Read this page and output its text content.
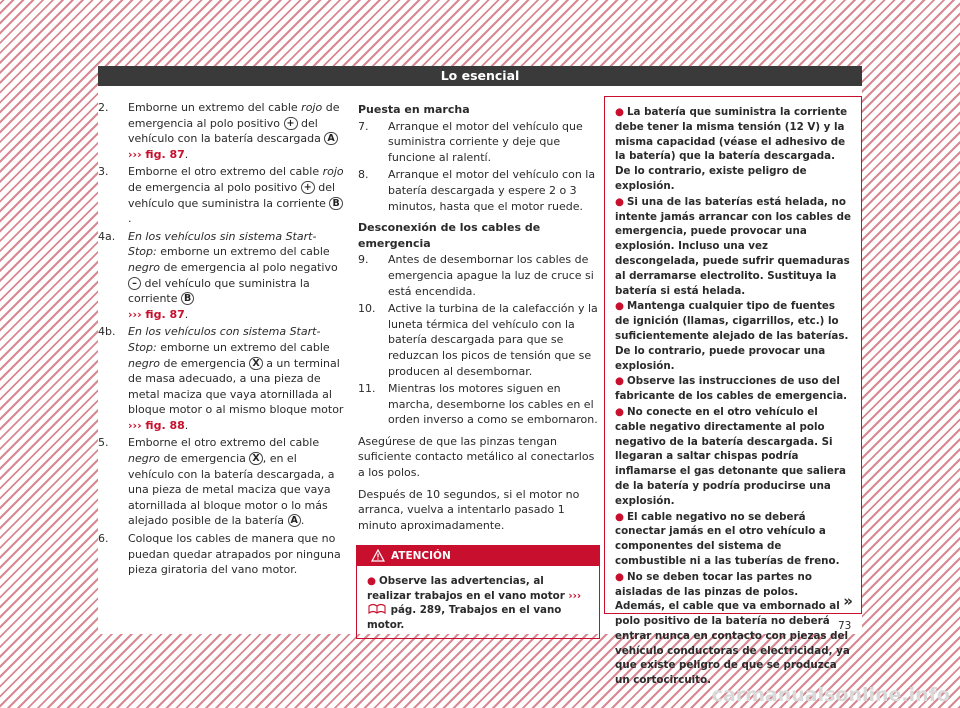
Lo esencial
2.	Emborne un extremo del cable rojo de emergencia al polo positivo + del vehículo con la batería descargada A
››› fig. 87.
3.	Emborne el otro extremo del cable rojo de emergencia al polo positivo + del vehículo que suministra la corriente B.
4a.	En los vehículos sin sistema Start-Stop: emborne un extremo del cable negro de emergencia al polo negativo – del vehículo que suministra la corriente B
››› fig. 87.
4b.	En los vehículos con sistema Start-Stop: emborne un extremo del cable negro de emergencia X a un terminal de masa adecuado, a una pieza de metal maciza que vaya atornillada al bloque motor o al mismo bloque motor ››› fig. 88.
5.	Emborne el otro extremo del cable negro de emergencia X , en el vehículo con la batería descargada, a una pieza de metal maciza que vaya atornillada al bloque motor o lo más alejado posible de la batería A .
6.	Coloque los cables de manera que no puedan quedar atrapados por ninguna pieza giratoria del vano motor.
Puesta en marcha
7.	Arranque el motor del vehículo que suministra corriente y deje que funcione al ralentí.
8.	Arranque el motor del vehículo con la batería descargada y espere 2 o 3 minutos, hasta que el motor ruede.
Desconexión de los cables de emergencia
9.	Antes de desembornar los cables de emergencia apague la luz de cruce si está encendida.
10.	Active la turbina de la calefacción y la luneta térmica del vehículo con la batería descargada para que se reduzcan los picos de tensión que se producen al desembornar.
11.	Mientras los motores siguen en marcha, desemborne los cables en el orden inverso a como se embornaron.
Asegúrese de que las pinzas tengan suficiente contacto metálico al conectarlos a los polos.
Después de 10 segundos, si el motor no arranca, vuelva a intentarlo pasado 1 minuto aproximadamente.
ATENCIÓN
● Observe las advertencias, al realizar trabajos en el vano motor ›››  pág. 289, Trabajos en el vano motor.

● La batería que suministra la corriente debe tener la misma tensión (12 V) y la misma capacidad (véase el adhesivo de la batería) que la batería descargada. De lo contrario, existe peligro de explosión.

● Si una de las baterías está helada, no intente jamás arrancar con los cables de emergencia, puede provocar una explosión. Incluso una vez descongelada, puede sufrir quemaduras al derramarse electrolito. Sustituya la batería si está helada.

● Mantenga cualquier tipo de fuentes de ignición (llamas, cigarrillos, etc.) lo suficientemente alejado de las baterías. De lo contrario, puede provocar una explosión.

● Observe las instrucciones de uso del fabricante de los cables de emergencia.

● No conecte en el otro vehículo el cable negativo directamente al polo negativo de la batería descargada. Si llegaran a saltar chispas podría inflamarse el gas detonante que saliera de la batería y podría producirse una explosión.

● El cable negativo no se deberá conectar jamás en el otro vehículo a componentes del sistema de combustible ni a las tuberías de freno.

● No se deben tocar las partes no aisladas de las pinzas de polos. Además, el cable que va embornado al polo positivo de la batería no deberá entrar nunca en contacto con piezas del vehículo conductoras de electricidad, ya que existe peligro de que se produzca un cortocircuito.

»
73
carmanualsonline.info
